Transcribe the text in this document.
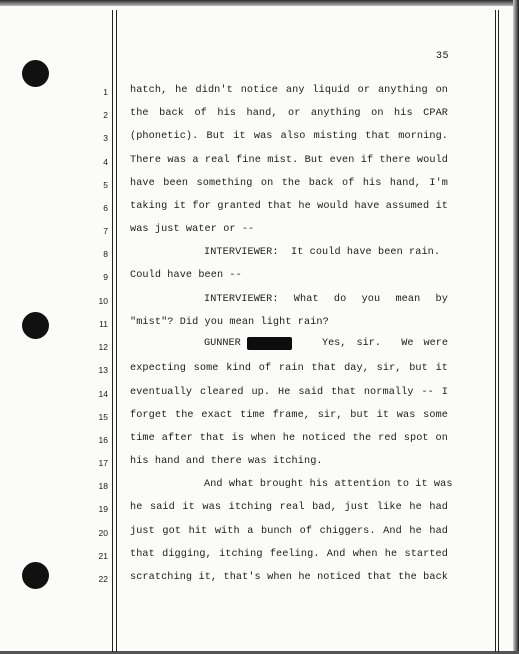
35
1
2
3
4
5
6
7
8
9
10
11
12
13
14
15
16
17
18
19
20
21
22
hatch, he didn't notice any liquid or anything on
the back of his hand, or anything on his CPAR
(phonetic). But it was also misting that morning.
There was a real fine mist. But even if there would
have been something on the back of his hand, I'm
taking it for granted that he would have assumed it
was just water or --
INTERVIEWER:  It could have been rain.
Could have been --
INTERVIEWER: What do you mean by
"mist"? Did you mean light rain?
GUNNER	Yes, sir.  We were
expecting some kind of rain that day, sir, but it
eventually cleared up. He said that normally -- I
forget the exact time frame, sir, but it was some
time after that is when he noticed the red spot on
his hand and there was itching.
And what brought his attention to it was
he said it was itching real bad, just like he had
just got hit with a bunch of chiggers. And he had
that digging, itching feeling. And when he started
scratching it, that's when he noticed that the back
